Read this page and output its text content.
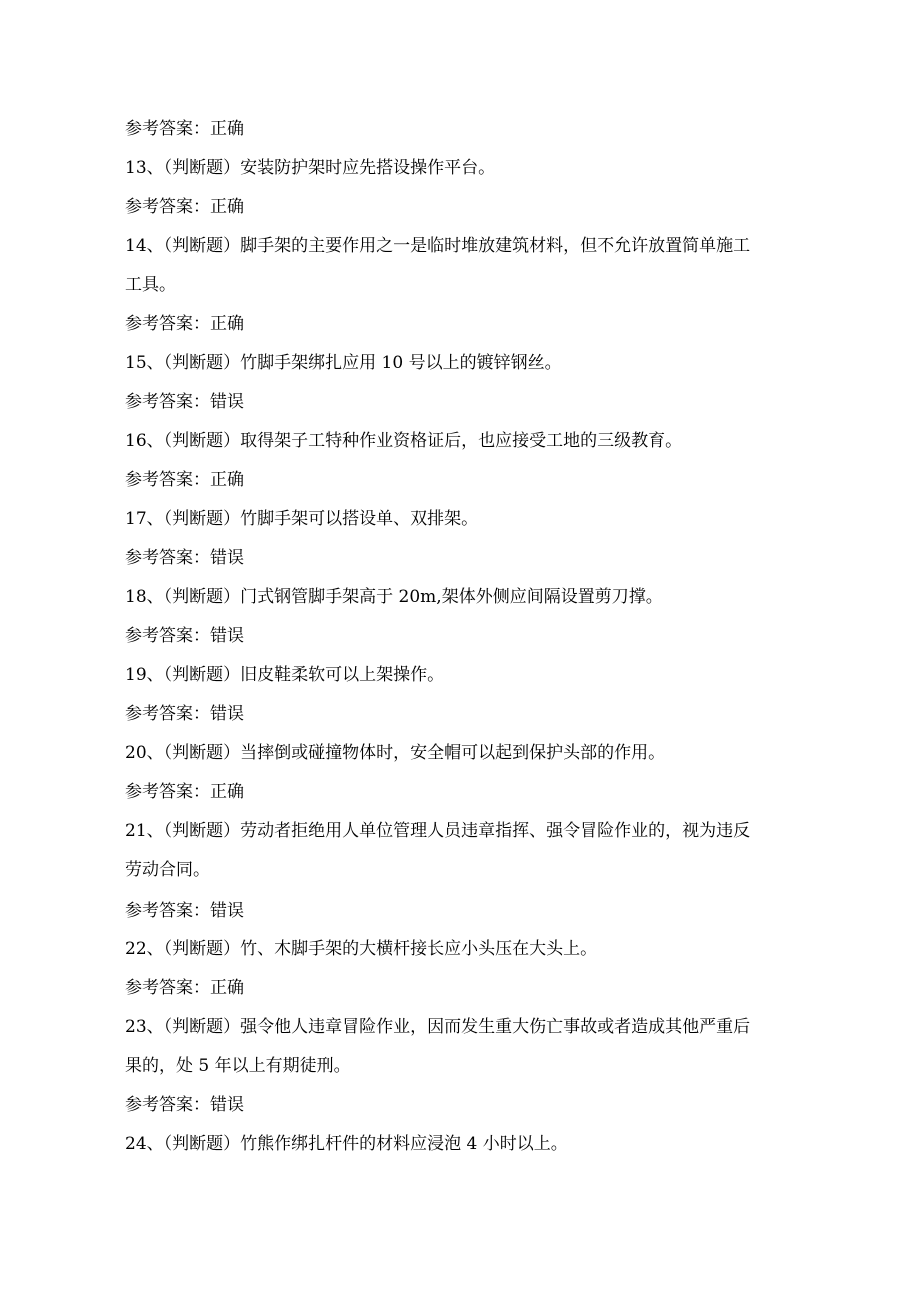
参考答案：正确
13、（判断题）安装防护架时应先搭设操作平台。
参考答案：正确
14、（判断题）脚手架的主要作用之一是临时堆放建筑材料，但不允许放置简单施工
工具。
参考答案：正确
15、（判断题）竹脚手架绑扎应用 10 号以上的镀锌钢丝。
参考答案：错误
16、（判断题）取得架子工特种作业资格证后，也应接受工地的三级教育。
参考答案：正确
17、（判断题）竹脚手架可以搭设单、双排架。
参考答案：错误
18、（判断题）门式钢管脚手架高于 20m,架体外侧应间隔设置剪刀撑。
参考答案：错误
19、（判断题）旧皮鞋柔软可以上架操作。
参考答案：错误
20、（判断题）当摔倒或碰撞物体时，安全帽可以起到保护头部的作用。
参考答案：正确
21、（判断题）劳动者拒绝用人单位管理人员违章指挥、强令冒险作业的，视为违反
劳动合同。
参考答案：错误
22、（判断题）竹、木脚手架的大横杆接长应小头压在大头上。
参考答案：正确
23、（判断题）强令他人违章冒险作业，因而发生重大伤亡事故或者造成其他严重后
果的，处 5 年以上有期徒刑。
参考答案：错误
24、（判断题）竹熊作绑扎杆件的材料应浸泡 4 小时以上。
